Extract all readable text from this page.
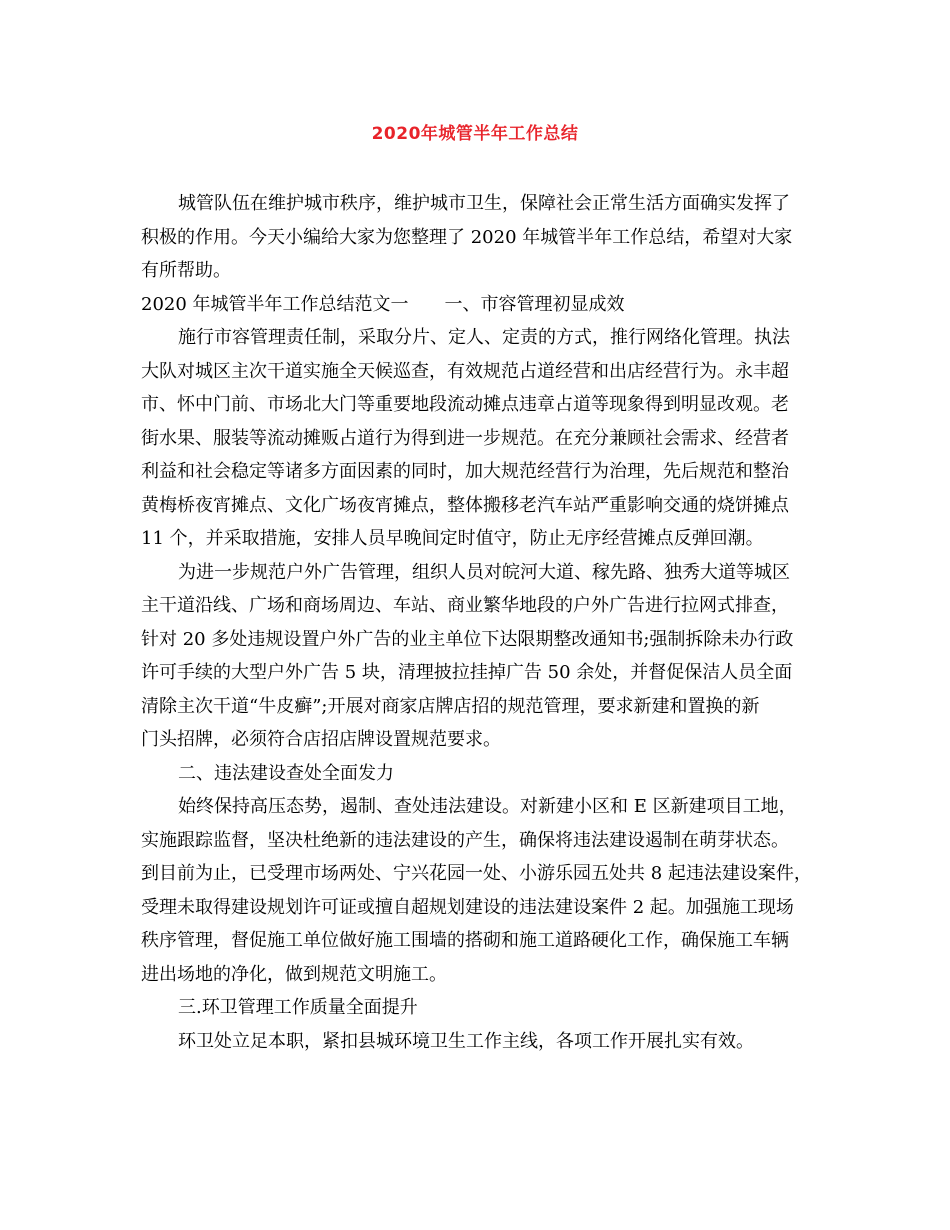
2020年城管半年工作总结
城管队伍在维护城市秩序，维护城市卫生，保障社会正常生活方面确实发挥了
积极的作用。今天小编给大家为您整理了 2020 年城管半年工作总结，希望对大家
有所帮助。
2020 年城管半年工作总结范文一　　一、市容管理初显成效
施行市容管理责任制，采取分片、定人、定责的方式，推行网络化管理。执法
大队对城区主次干道实施全天候巡查，有效规范占道经营和出店经营行为。永丰超
市、怀中门前、市场北大门等重要地段流动摊点违章占道等现象得到明显改观。老
街水果、服装等流动摊贩占道行为得到进一步规范。在充分兼顾社会需求、经营者
利益和社会稳定等诸多方面因素的同时，加大规范经营行为治理，先后规范和整治
黄梅桥夜宵摊点、文化广场夜宵摊点，整体搬移老汽车站严重影响交通的烧饼摊点
11 个，并采取措施，安排人员早晚间定时值守，防止无序经营摊点反弹回潮。
为进一步规范户外广告管理，组织人员对皖河大道、稼先路、独秀大道等城区
主干道沿线、广场和商场周边、车站、商业繁华地段的户外广告进行拉网式排查，
针对 20 多处违规设置户外广告的业主单位下达限期整改通知书;强制拆除未办行政
许可手续的大型户外广告 5 块，清理披拉挂掉广告 50 余处，并督促保洁人员全面
清除主次干道“牛皮癣”;开展对商家店牌店招的规范管理，要求新建和置换的新
门头招牌，必须符合店招店牌设置规范要求。
二、违法建设查处全面发力
始终保持高压态势，遏制、查处违法建设。对新建小区和 E 区新建项目工地，
实施跟踪监督，坚决杜绝新的违法建设的产生，确保将违法建设遏制在萌芽状态。
到目前为止，已受理市场两处、宁兴花园一处、小游乐园五处共 8 起违法建设案件，
受理未取得建设规划许可证或擅自超规划建设的违法建设案件 2 起。加强施工现场
秩序管理，督促施工单位做好施工围墙的搭砌和施工道路硬化工作，确保施工车辆
进出场地的净化，做到规范文明施工。
三.环卫管理工作质量全面提升
环卫处立足本职，紧扣县城环境卫生工作主线，各项工作开展扎实有效。
